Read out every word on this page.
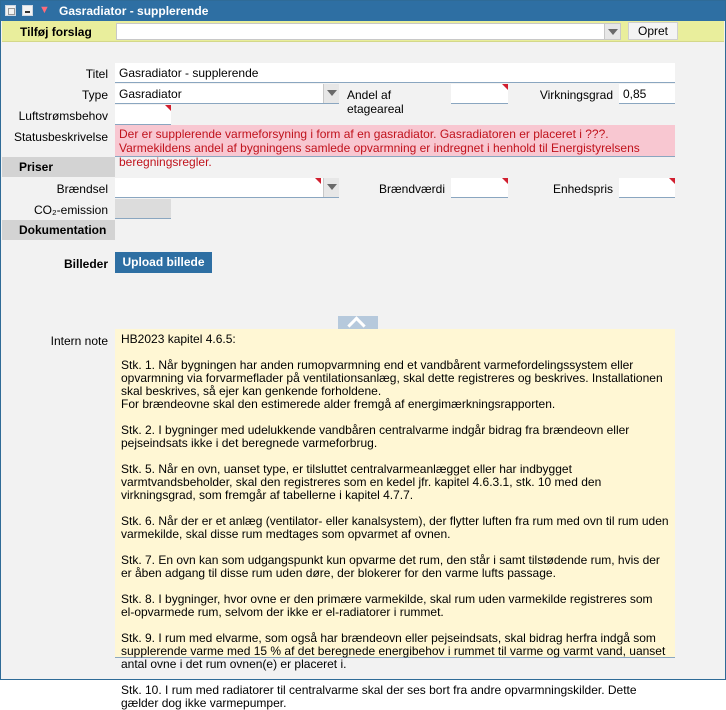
▼ Gasradiator - supplerende
Tilføj forslag	Opret
Titel Gasradiator - supplerende
Type Gasradiator	Andel af etageareal
Virkningsgrad 0,85
Luftstrømsbehov
Statusbeskrivelse Der er supplerende varmeforsyning i form af en gasradiator. Gasradiatoren er placeret i ???. Varmekildens andel af bygningens samlede opvarmning er indregnet i henhold til Energistyrelsens beregningsregler.
Priser
Brændsel	Brændværdi	Enhedspris
CO₂-emission
Dokumentation
Billeder	Upload billede
Intern note HB2023 kapitel 4.6.5:

Stk. 1. Når bygningen har anden rumopvarmning end et vandbårent varmefordelingssystem eller opvarmning via forvarmeflader på ventilationsanlæg, skal dette registreres og beskrives. Installationen skal beskrives, så ejer kan genkende forholdene.
For brændeovne skal den estimerede alder fremgå af energimærkningsrapporten.

Stk. 2. I bygninger med udelukkende vandbåren centralvarme indgår bidrag fra brændeovn eller pejseindsats ikke i det beregnede varmeforbrug.

Stk. 5. Når en ovn, uanset type, er tilsluttet centralvarmeanlægget eller har indbygget varmtvandsbeholder, skal den registreres som en kedel jfr. kapitel 4.6.3.1, stk. 10 med den virkningsgrad, som fremgår af tabellerne i kapitel 4.7.7.

Stk. 6. Når der er et anlæg (ventilator- eller kanalsystem), der flytter luften fra rum med ovn til rum uden varmekilde, skal disse rum medtages som opvarmet af ovnen.

Stk. 7. En ovn kan som udgangspunkt kun opvarme det rum, den står i samt tilstødende rum, hvis der er åben adgang til disse rum uden døre, der blokerer for den varme lufts passage.

Stk. 8. I bygninger, hvor ovne er den primære varmekilde, skal rum uden varmekilde registreres som el-opvarmede rum, selvom der ikke er el-radiatorer i rummet.

Stk. 9. I rum med elvarme, som også har brændeovn eller pejseindsats, skal bidrag herfra indgå som supplerende varme med 15 % af det beregnede energibehov i rummet til varme og varmt vand, uanset antal ovne i det rum ovnen(e) er placeret i.

Stk. 10. I rum med radiatorer til centralvarme skal der ses bort fra andre opvarmningskilder. Dette gælder dog ikke varmepumper.
